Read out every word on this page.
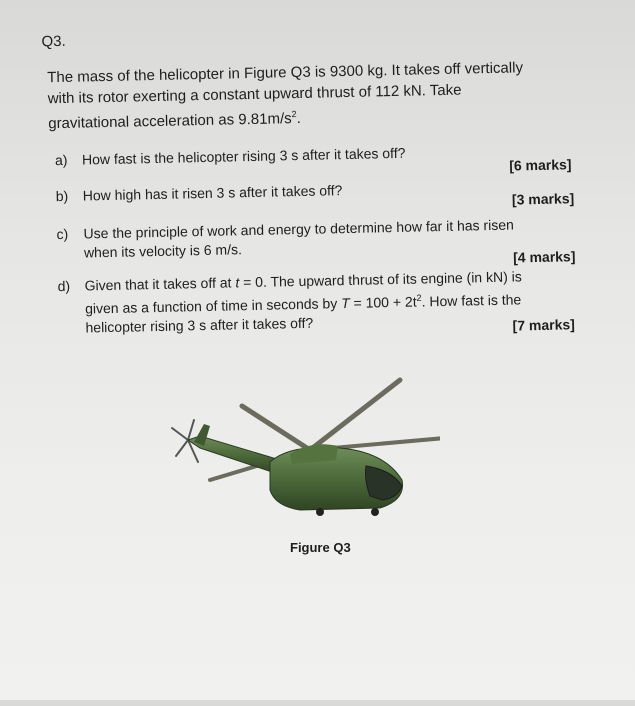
Q3.
The mass of the helicopter in Figure Q3 is 9300 kg. It takes off vertically
with its rotor exerting a constant upward thrust of 112 kN. Take
gravitational acceleration as $9.81m/s^2$.
a) How fast is the helicopter rising 3 s after it takes off?	[6 marks]
b) How high has it risen 3 s after it takes off?	[3 marks]
c) Use the principle of work and energy to determine how far it has risen
when its velocity is 6 m/s.	[4 marks]
d) Given that it takes off at t = 0. The upward thrust of its engine (in kN) is
given as a function of time in seconds by $T = 100 + 2t^2$. How fast is the
helicopter rising 3 s after it takes off?	[7 marks]
Figure Q3
